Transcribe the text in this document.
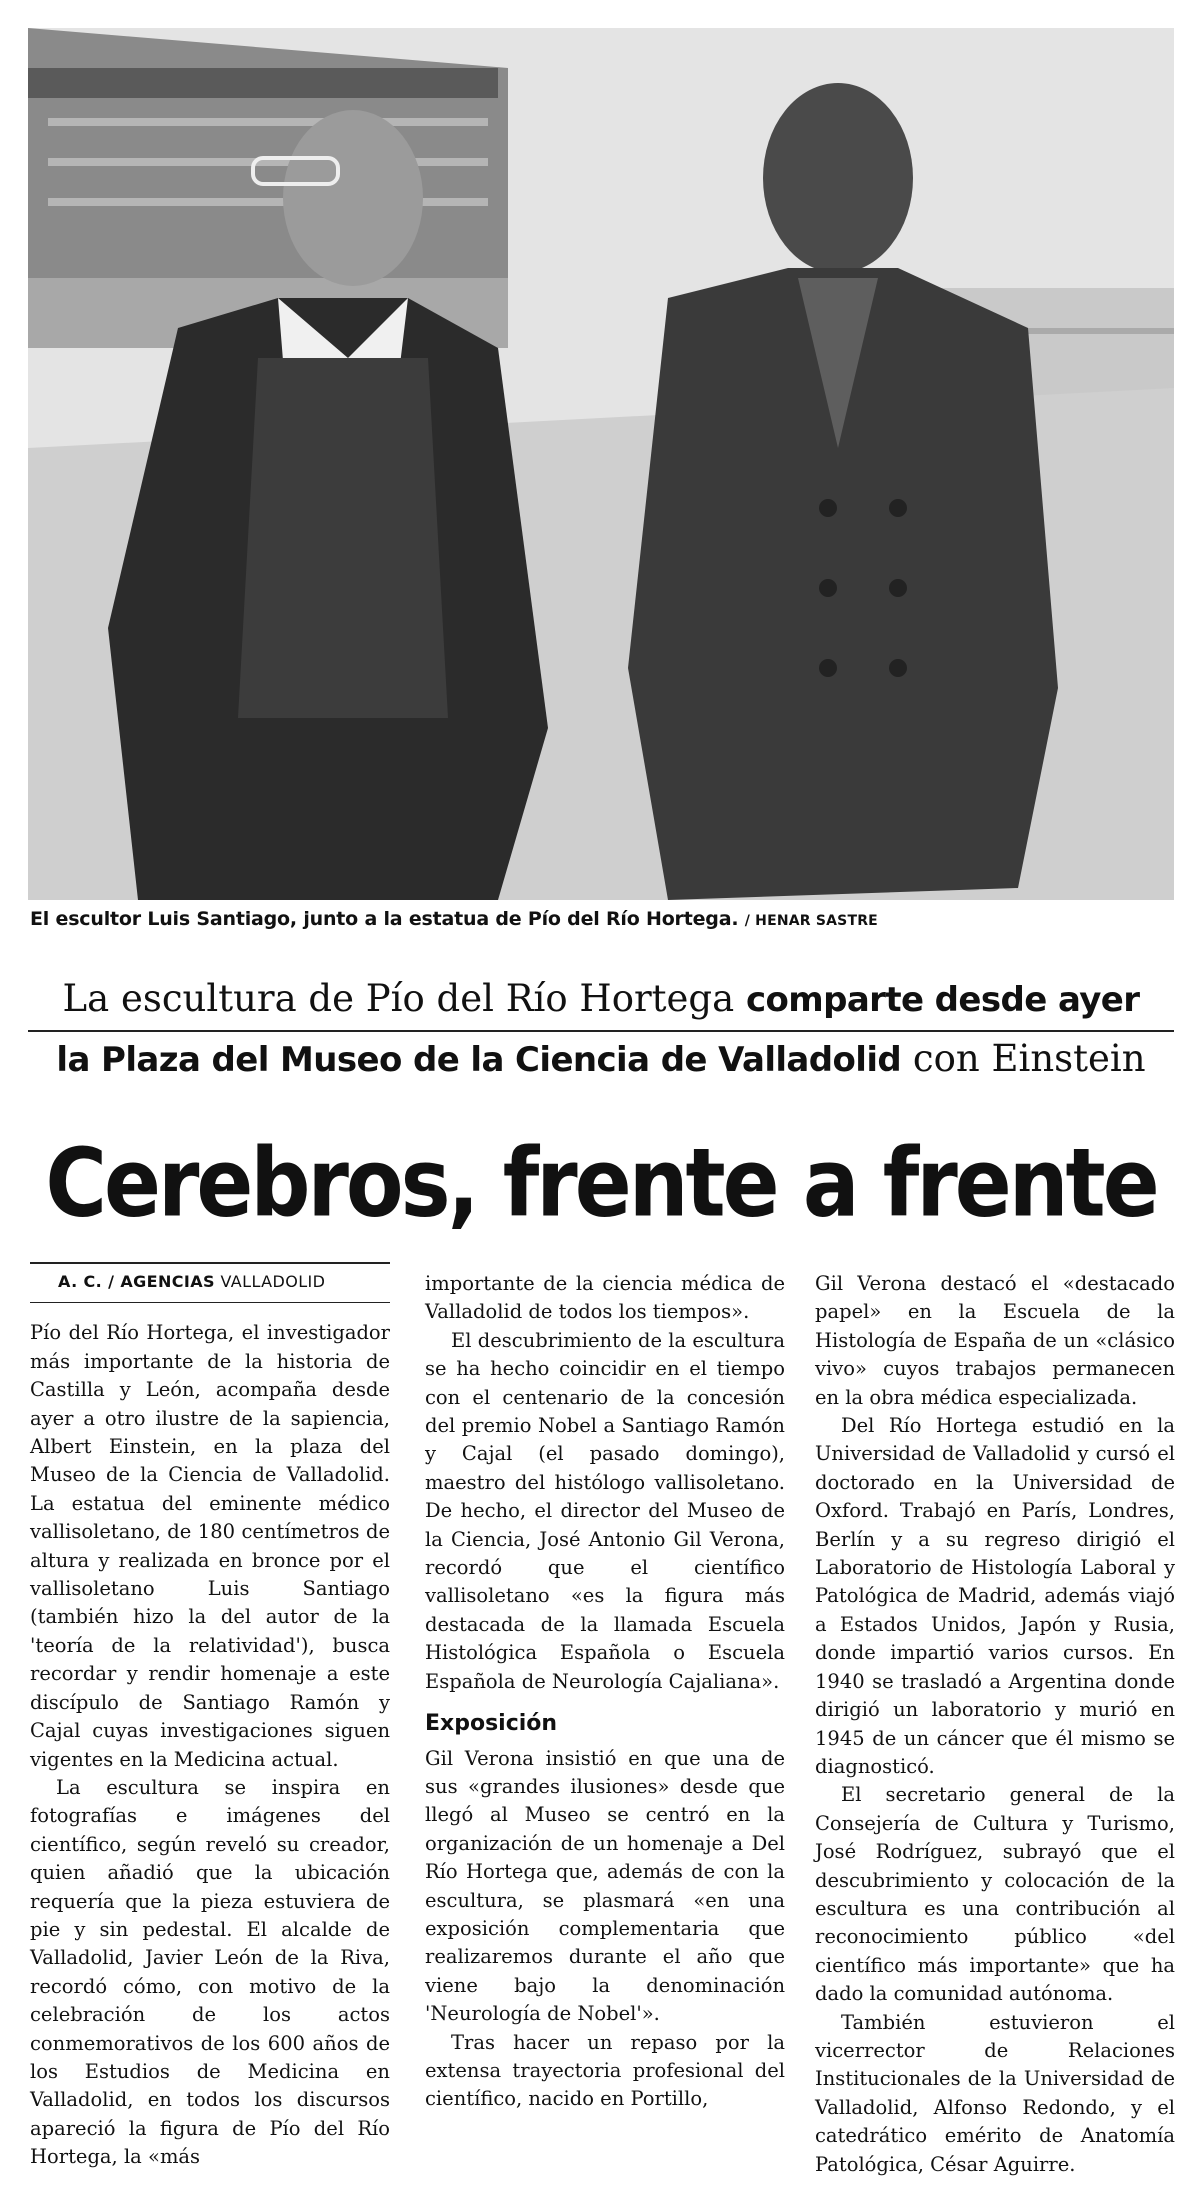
El escultor Luis Santiago, junto a la estatua de Pío del Río Hortega. / HENAR SASTRE
La escultura de Pío del Río Hortega comparte desde ayer
la Plaza del Museo de la Ciencia de Valladolid con Einstein
Cerebros, frente a frente
A. C. / AGENCIAS VALLADOLID

Pío del Río Hortega, el investigador más importante de la historia de Castilla y León, acompaña desde ayer a otro ilustre de la sapiencia, Albert Einstein, en la plaza del Museo de la Ciencia de Valladolid. La estatua del eminente médico vallisoletano, de 180 centímetros de altura y realizada en bronce por el vallisoletano Luis Santiago (también hizo la del autor de la 'teoría de la relatividad'), busca recordar y rendir homenaje a este discípulo de Santiago Ramón y Cajal cuyas investigaciones siguen vigentes en la Medicina actual.

La escultura se inspira en fotografías e imágenes del científico, según reveló su creador, quien añadió que la ubicación requería que la pieza estuviera de pie y sin pedestal. El alcalde de Valladolid, Javier León de la Riva, recordó cómo, con motivo de la celebración de los actos conmemorativos de los 600 años de los Estudios de Medicina en Valladolid, en todos los discursos apareció la figura de Pío del Río Hortega, la «más

importante de la ciencia médica de Valladolid de todos los tiempos».

El descubrimiento de la escultura se ha hecho coincidir en el tiempo con el centenario de la concesión del premio Nobel a Santiago Ramón y Cajal (el pasado domingo), maestro del histólogo vallisoletano. De hecho, el director del Museo de la Ciencia, José Antonio Gil Verona, recordó que el científico vallisoletano «es la figura más destacada de la llamada Escuela Histológica Española o Escuela Española de Neurología Cajaliana».

Exposición

Gil Verona insistió en que una de sus «grandes ilusiones» desde que llegó al Museo se centró en la organización de un homenaje a Del Río Hortega que, además de con la escultura, se plasmará «en una exposición complementaria que realizaremos durante el año que viene bajo la denominación 'Neurología de Nobel'».

Tras hacer un repaso por la extensa trayectoria profesional del científico, nacido en Portillo,

Gil Verona destacó el «destacado papel» en la Escuela de la Histología de España de un «clásico vivo» cuyos trabajos permanecen en la obra médica especializada.

Del Río Hortega estudió en la Universidad de Valladolid y cursó el doctorado en la Universidad de Oxford. Trabajó en París, Londres, Berlín y a su regreso dirigió el Laboratorio de Histología Laboral y Patológica de Madrid, además viajó a Estados Unidos, Japón y Rusia, donde impartió varios cursos. En 1940 se trasladó a Argentina donde dirigió un laboratorio y murió en 1945 de un cáncer que él mismo se diagnosticó.

El secretario general de la Consejería de Cultura y Turismo, José Rodríguez, subrayó que el descubrimiento y colocación de la escultura es una contribución al reconocimiento público «del científico más importante» que ha dado la comunidad autónoma.

También estuvieron el vicerrector de Relaciones Institucionales de la Universidad de Valladolid, Alfonso Redondo, y el catedrático emérito de Anatomía Patológica, César Aguirre.
